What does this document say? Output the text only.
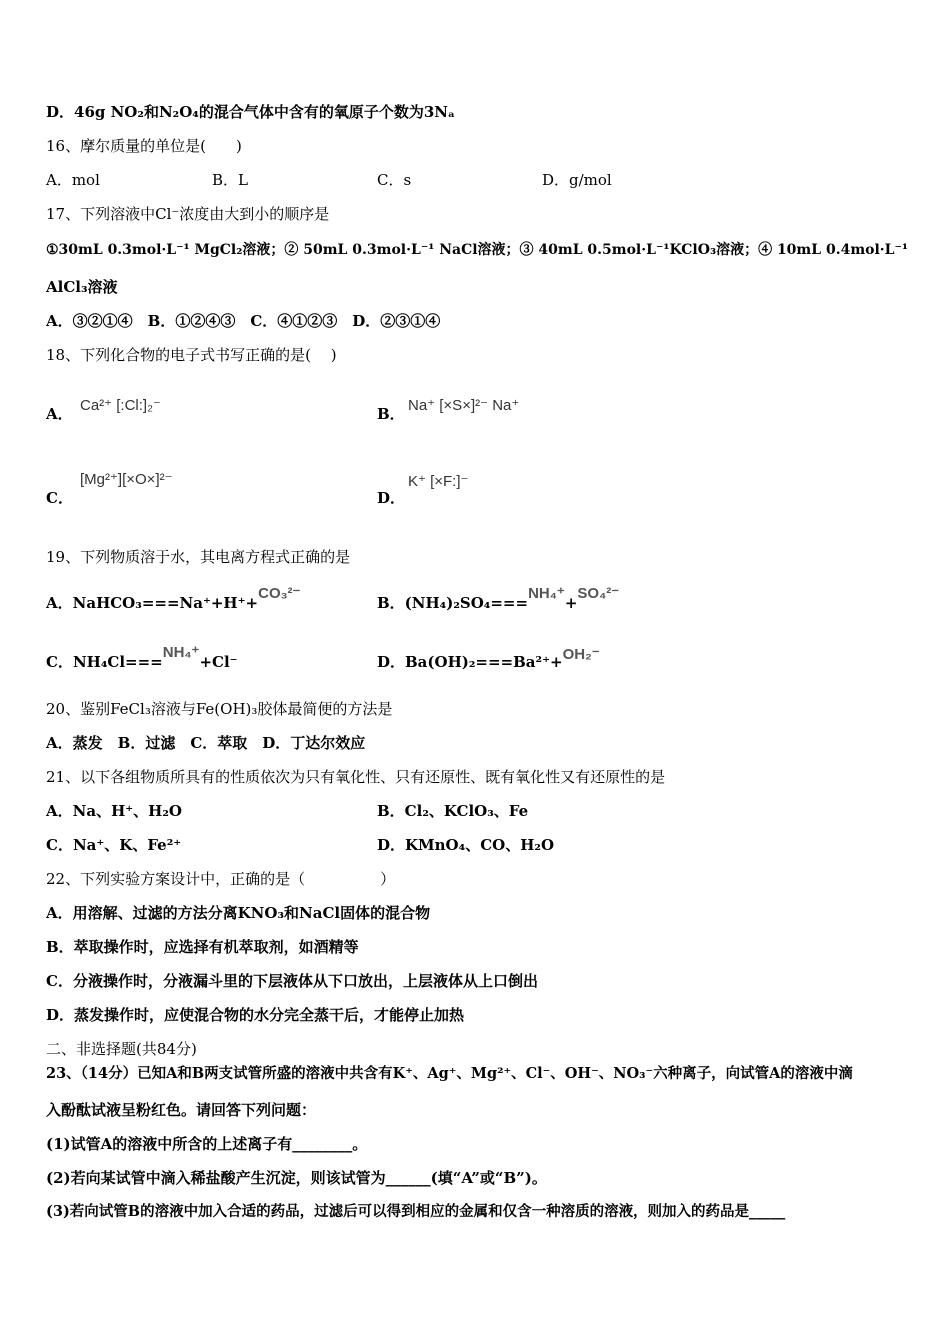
D．46g NO₂和N₂O₄的混合气体中含有的氧原子个数为3Nₐ
16、摩尔质量的单位是(　　)
A．mol	B．L	C．s	D．g/mol
17、下列溶液中Cl⁻浓度由大到小的顺序是
①30mL 0.3mol·L⁻¹ MgCl₂溶液；② 50mL 0.3mol·L⁻¹ NaCl溶液；③ 40mL 0.5mol·L⁻¹KClO₃溶液；④ 10mL 0.4mol·L⁻¹
AlCl₃溶液
A．③②①④　B．①②④③　C．④①②③　D．②③①④
18、下列化合物的电子式书写正确的是(　 )
A． Ca²⁺ [:Cl:]₂⁻	B． Na⁺ [×S×]²⁻ Na⁺
C．
[Mg²⁺][×O×]²⁻
D．
K⁺ [×F:]⁻
19、下列物质溶于水，其电离方程式正确的是
A．NaHCO₃===Na⁺+H⁺+CO₃²⁻
B．(NH₄)₂SO₄===NH₄⁺+SO₄²⁻
C．NH₄Cl===NH₄⁺+Cl⁻	D．Ba(OH)₂===Ba²⁺+OH₂⁻
20、鉴别FeCl₃溶液与Fe(OH)₃胶体最简便的方法是
A．蒸发　B．过滤　C．萃取　D．丁达尔效应
21、以下各组物质所具有的性质依次为只有氧化性、只有还原性、既有氧化性又有还原性的是
A．Na、H⁺、H₂O	B．Cl₂、KClO₃、Fe
C．Na⁺、K、Fe²⁺	D．KMnO₄、CO、H₂O
22、下列实验方案设计中，正确的是（　　　　　）
A．用溶解、过滤的方法分离KNO₃和NaCl固体的混合物
B．萃取操作时，应选择有机萃取剂，如酒精等
C．分液操作时，分液漏斗里的下层液体从下口放出，上层液体从上口倒出
D．蒸发操作时，应使混合物的水分完全蒸干后，才能停止加热
二、非选择题(共84分)
23、（14分）已知A和B两支试管所盛的溶液中共含有K⁺、Ag⁺、Mg²⁺、Cl⁻、OH⁻、NO₃⁻六种离子，向试管A的溶液中滴
入酚酞试液呈粉红色。请回答下列问题：
(1)试管A的溶液中所含的上述离子有________。
(2)若向某试管中滴入稀盐酸产生沉淀，则该试管为______(填“A”或“B”)。
(3)若向试管B的溶液中加入合适的药品，过滤后可以得到相应的金属和仅含一种溶质的溶液，则加入的药品是_____
